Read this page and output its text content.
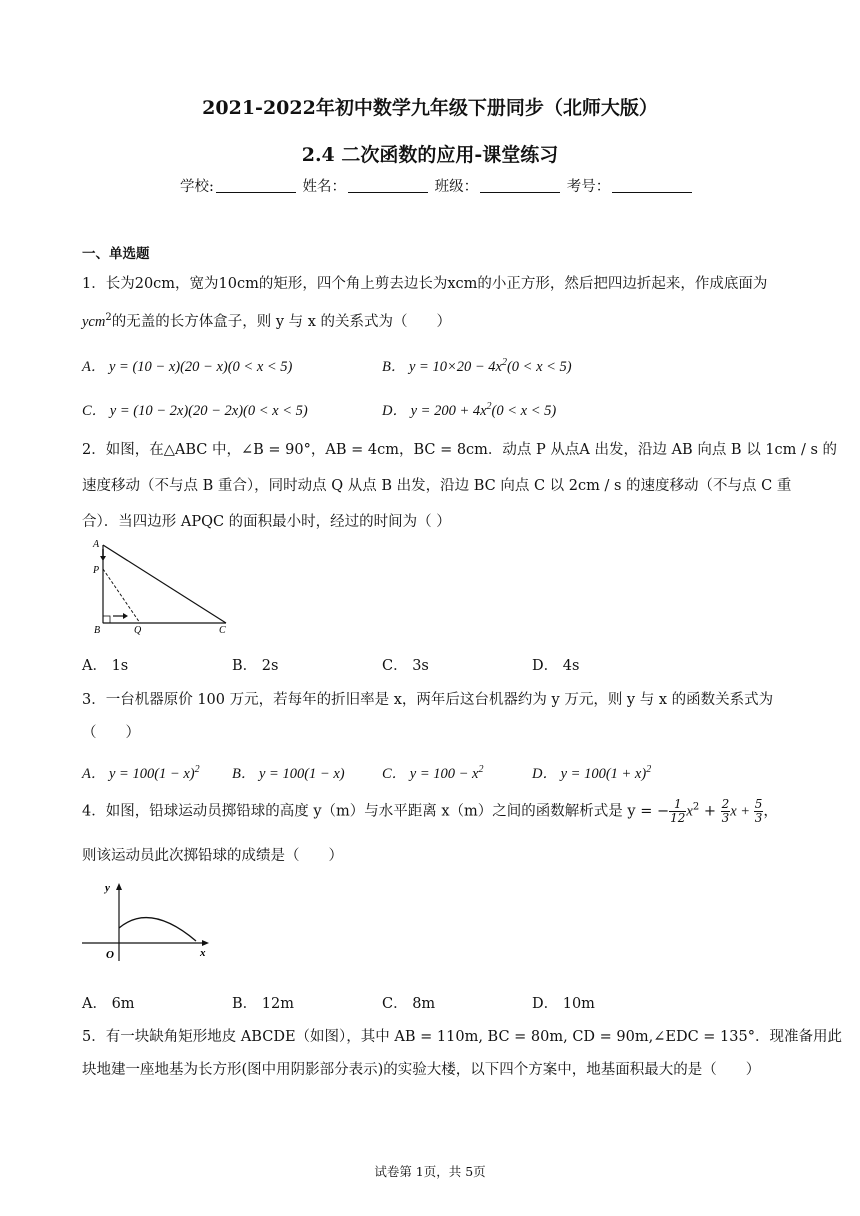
2021-2022年初中数学九年级下册同步（北师大版）
2.4 二次函数的应用-课堂练习
学校:	姓名：	班级：	考号：
一、单选题
1．长为20cm，宽为10cm的矩形，四个角上剪去边长为xcm的小正方形，然后把四边折起来，作成底面为
ycm$^2$的无盖的长方体盒子，则 y 与 x 的关系式为（　　）
A． y = (10 − x)(20 − x)(0 < x < 5)	B． $y = 10\times 20 - 4x^2(0 < x < 5)$
C． y = (10 − 2x)(20 − 2x)(0 < x < 5)	D． $y = 200 + 4x^2(0 < x < 5)$
2．如图，在△ABC 中，∠B = 90°，AB = 4cm，BC = 8cm．动点 P 从点A 出发，沿边 AB 向点 B 以 1cm / s 的
速度移动（不与点 B 重合），同时动点 Q 从点 B 出发，沿边 BC 向点 C 以 2cm / s 的速度移动（不与点 C 重
合）．当四边形 APQC 的面积最小时，经过的时间为（ ）
A
P
B	Q	C
A． 1s	B． 2s	C． 3s	D． 4s
3．一台机器原价 100 万元，若每年的折旧率是 x，两年后这台机器约为 y 万元，则 y 与 x 的函数关系式为
（　　）
A． $y = 100(1 - x)^2$ B． y = 100(1 − x)	C． $y = 100 - x^2$	D． $y = 100(1 + x)^2$
4．如图，铅球运动员掷铅球的高度 y（m）与水平距离 x（m）之间的函数解析式是 y = − $\frac{1}{12} x^2 + \frac{2}{3}$ $x + \frac{5}{3}$ ，
则该运动员此次掷铅球的成绩是（　　）
y
x
O
A． 6m	B． 12m	C． 8m	D． 10m
5．有一块缺角矩形地皮 ABCDE（如图），其中 AB = 110m, BC = 80m, CD = 90m,∠EDC = 135°．现准备用此
块地建一座地基为长方形(图中用阴影部分表示)的实验大楼，以下四个方案中，地基面积最大的是（　　）
试卷第 1页，共 5页
